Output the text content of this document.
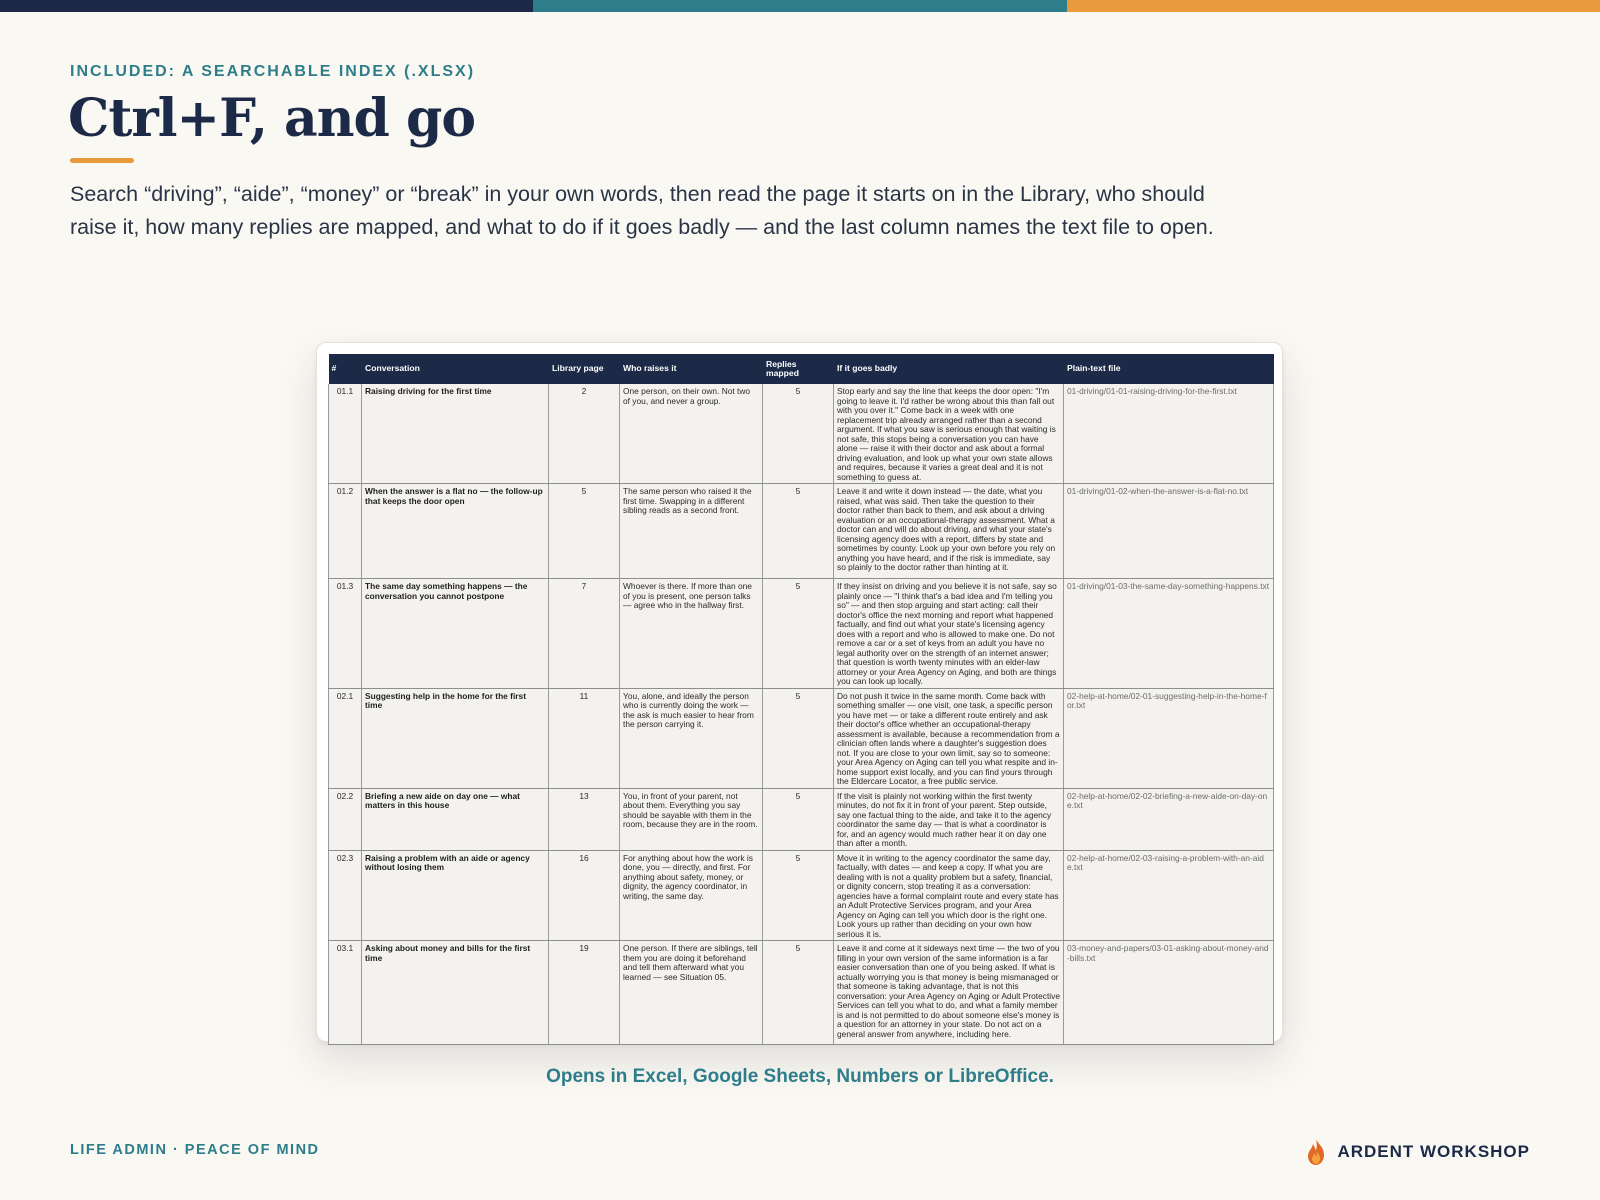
INCLUDED: A SEARCHABLE INDEX (.XLSX)
Ctrl+F, and go

Search “driving”, “aide”, “money” or “break” in your own words, then read the page it starts on in the Library, who should raise it, how many replies are mapped, and what to do if it goes badly — and the last column names the text file to open.

#	Conversation	Library page	Who raises it	Replies mapped	If it goes badly	Plain-text file
01.1	Raising driving for the first time	2	One person, on their own. Not two of you, and never a group.	5	Stop early and say the line that keeps the door open: "I'm going to leave it. I'd rather be wrong about this than fall out with you over it." Come back in a week with one replacement trip already arranged rather than a second argument. If what you saw is serious enough that waiting is not safe, this stops being a conversation you can have alone — raise it with their doctor and ask about a formal driving evaluation, and look up what your own state allows and requires, because it varies a great deal and it is not something to guess at.	01-driving/01-01-raising-driving-for-the-first.txt
01.2	When the answer is a flat no — the follow-up that keeps the door open	5	The same person who raised it the first time. Swapping in a different sibling reads as a second front.	5	Leave it and write it down instead — the date, what you raised, what was said. Then take the question to their doctor rather than back to them, and ask about a driving evaluation or an occupational-therapy assessment. What a doctor can and will do about driving, and what your state's licensing agency does with a report, differs by state and sometimes by county. Look up your own before you rely on anything you have heard, and if the risk is immediate, say so plainly to the doctor rather than hinting at it.	01-driving/01-02-when-the-answer-is-a-flat-no.txt
01.3	The same day something happens — the conversation you cannot postpone	7	Whoever is there. If more than one of you is present, one person talks — agree who in the hallway first.	5	If they insist on driving and you believe it is not safe, say so plainly once — "I think that's a bad idea and I'm telling you so" — and then stop arguing and start acting: call their doctor's office the next morning and report what happened factually, and find out what your state's licensing agency does with a report and who is allowed to make one. Do not remove a car or a set of keys from an adult you have no legal authority over on the strength of an internet answer; that question is worth twenty minutes with an elder-law attorney or your Area Agency on Aging, and both are things you can look up locally.	01-driving/01-03-the-same-day-something-happens.txt
02.1	Suggesting help in the home for the first time	11	You, alone, and ideally the person who is currently doing the work — the ask is much easier to hear from the person carrying it.	5	Do not push it twice in the same month. Come back with something smaller — one visit, one task, a specific person you have met — or take a different route entirely and ask their doctor's office whether an occupational-therapy assessment is available, because a recommendation from a clinician often lands where a daughter's suggestion does not. If you are close to your own limit, say so to someone: your Area Agency on Aging can tell you what respite and in-home support exist locally, and you can find yours through the Eldercare Locator, a free public service.	02-help-at-home/02-01-suggesting-help-in-the-home-for.txt
02.2	Briefing a new aide on day one — what matters in this house	13	You, in front of your parent, not about them. Everything you say should be sayable with them in the room, because they are in the room.	5	If the visit is plainly not working within the first twenty minutes, do not fix it in front of your parent. Step outside, say one factual thing to the aide, and take it to the agency coordinator the same day — that is what a coordinator is for, and an agency would much rather hear it on day one than after a month.	02-help-at-home/02-02-briefing-a-new-aide-on-day-one.txt
02.3	Raising a problem with an aide or agency without losing them	16	For anything about how the work is done, you — directly, and first. For anything about safety, money, or dignity, the agency coordinator, in writing, the same day.	5	Move it in writing to the agency coordinator the same day, factually, with dates — and keep a copy. If what you are dealing with is not a quality problem but a safety, financial, or dignity concern, stop treating it as a conversation: agencies have a formal complaint route and every state has an Adult Protective Services program, and your Area Agency on Aging can tell you which door is the right one. Look yours up rather than deciding on your own how serious it is.	02-help-at-home/02-03-raising-a-problem-with-an-aide.txt
03.1	Asking about money and bills for the first time	19	One person. If there are siblings, tell them you are doing it beforehand and tell them afterward what you learned — see Situation 05.	5	Leave it and come at it sideways next time — the two of you filling in your own version of the same information is a far easier conversation than one of you being asked. If what is actually worrying you is that money is being mismanaged or that someone is taking advantage, that is not this conversation: your Area Agency on Aging or Adult Protective Services can tell you what to do, and what a family member is and is not permitted to do about someone else's money is a question for an attorney in your state. Do not act on a general answer from anywhere, including here.	03-money-and-papers/03-01-asking-about-money-and-bills.txt
Opens in Excel, Google Sheets, Numbers or LibreOffice.
LIFE ADMIN · PEACE OF MIND	ARDENT WORKSHOP
